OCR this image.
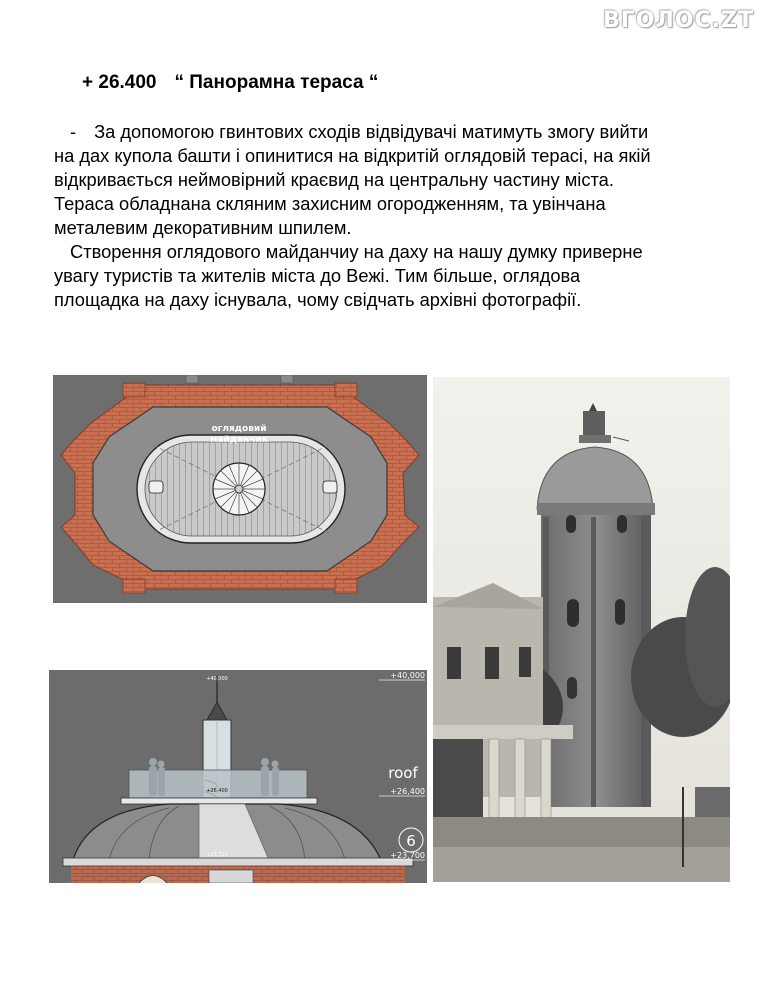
ВГОЛОС.ZT
+ 26.400 “ Панорамна тераса “

- За допомогою гвинтових сходів відвідувачі матимуть змогу вийти
на дах купола башти і опинитися на відкритій оглядовій терасі, на якій
відкривається неймовірний краєвид на центральну частину міста.
Тераса обладнана скляним захисним огородженням, та увінчана
металевим декоративним шпилем.

Створення оглядового майданчиу на даху на нашу думку приверне
увагу туристів та жителів міста до Вежі. Тим більше, оглядова
площадка на даху існувала, чому свідчать архівні фотографії.

оглядовий
майданчик
+40,000
+40,000
roof
+26,400
+26,400
6
+23,700
+23,720
